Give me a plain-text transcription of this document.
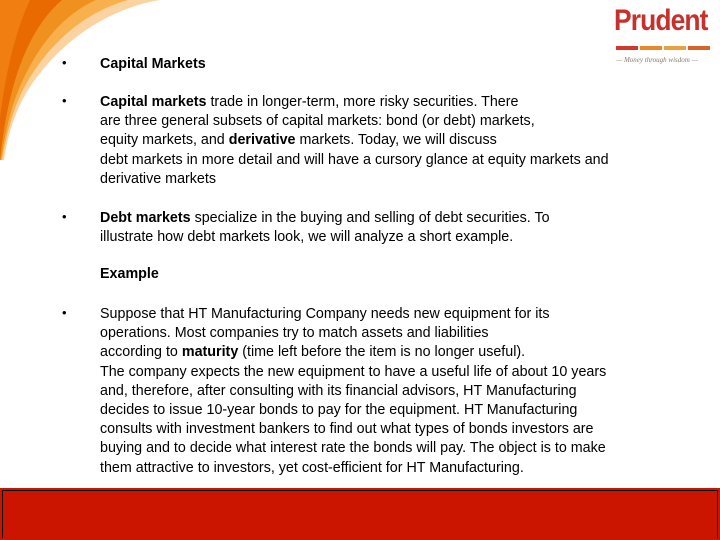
Prudent
— Money through wisdom —
• Capital Markets
• Capital markets trade in longer-term, more risky securities. There
are three general subsets of capital markets: bond (or debt) markets,
equity markets, and derivative markets. Today, we will discuss
debt markets in more detail and will have a cursory glance at equity markets and
derivative markets
• Debt markets specialize in the buying and selling of debt securities. To
illustrate how debt markets look, we will analyze a short example.
Example
• Suppose that HT Manufacturing Company needs new equipment for its
operations. Most companies try to match assets and liabilities
according to maturity (time left before the item is no longer useful).
The company expects the new equipment to have a useful life of about 10 years
and, therefore, after consulting with its financial advisors, HT Manufacturing
decides to issue 10-year bonds to pay for the equipment. HT Manufacturing
consults with investment bankers to find out what types of bonds investors are
buying and to decide what interest rate the bonds will pay. The object is to make
them attractive to investors, yet cost-efficient for HT Manufacturing.
